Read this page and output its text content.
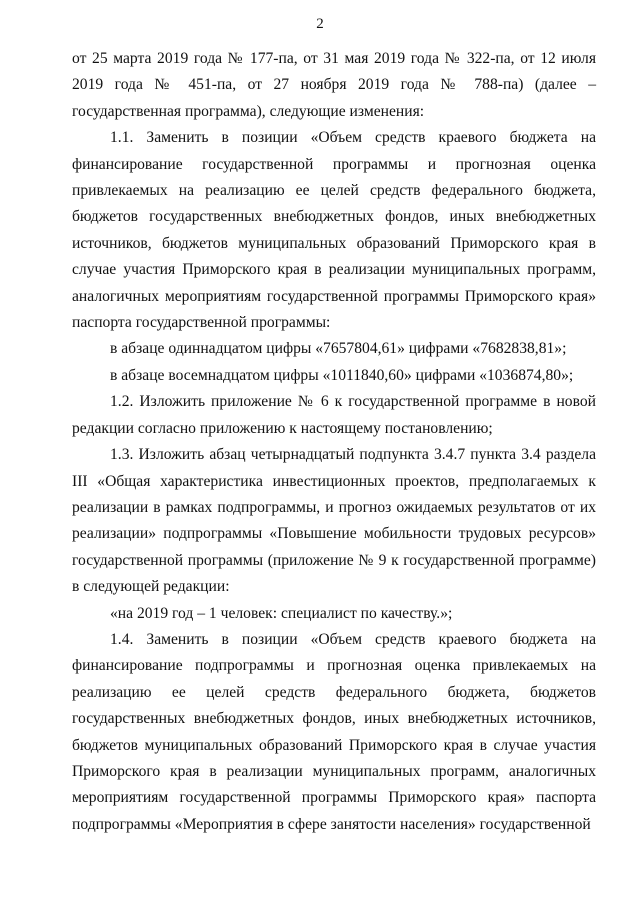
2

от 25 марта 2019 года № 177-па, от 31 мая 2019 года № 322-па, от 12 июля 2019 года № 451-па, от 27 ноября 2019 года № 788-па) (далее – государственная программа), следующие изменения:

1.1. Заменить в позиции «Объем средств краевого бюджета на финансирование государственной программы и прогнозная оценка привлекаемых на реализацию ее целей средств федерального бюджета, бюджетов государственных внебюджетных фондов, иных внебюджетных источников, бюджетов муниципальных образований Приморского края в случае участия Приморского края в реализации муниципальных программ, аналогичных мероприятиям государственной программы Приморского края» паспорта государственной программы:

в абзаце одиннадцатом цифры «7657804,61» цифрами «7682838,81»;

в абзаце восемнадцатом цифры «1011840,60» цифрами «1036874,80»;

1.2. Изложить приложение № 6 к государственной программе в новой редакции согласно приложению к настоящему постановлению;

1.3. Изложить абзац четырнадцатый подпункта 3.4.7 пункта 3.4 раздела III «Общая характеристика инвестиционных проектов, предполагаемых к реализации в рамках подпрограммы, и прогноз ожидаемых результатов от их реализации» подпрограммы «Повышение мобильности трудовых ресурсов» государственной программы (приложение № 9 к государственной программе) в следующей редакции:

«на 2019 год – 1 человек: специалист по качеству.»;

1.4. Заменить в позиции «Объем средств краевого бюджета на финансирование подпрограммы и прогнозная оценка привлекаемых на реализацию ее целей средств федерального бюджета, бюджетов государственных внебюджетных фондов, иных внебюджетных источников, бюджетов муниципальных образований Приморского края в случае участия Приморского края в реализации муниципальных программ, аналогичных мероприятиям государственной программы Приморского края» паспорта подпрограммы «Мероприятия в сфере занятости населения» государственной
